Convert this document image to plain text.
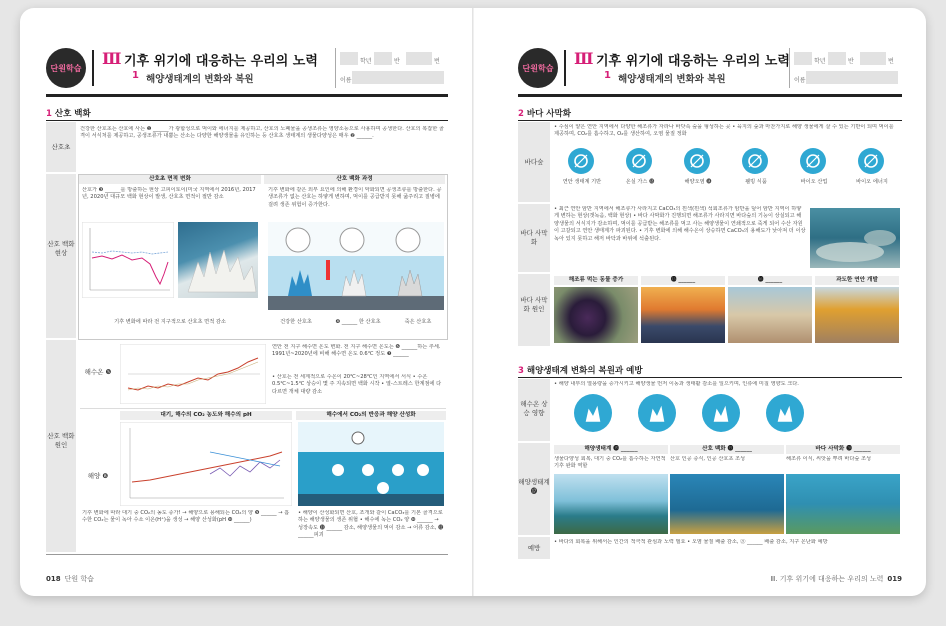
단원학습 Ⅲ 기후 위기에 대응하는 우리의 노력
1 해양생태계의 변화와 복원
학년	반	번
이름
1 산호 백화
산호초
건강한 산호초는 산호에 사는 ❶ ______가 광합성으로 먹이와 에너지를 제공하고, 산호의 노폐물을 공생조류는 영양소등으로 사용하며 공생한다. 산호의 복잡한 골격이 서식처를 제공하고, 공생조류가 내뿜는 산소는 다양한 해양생물을 유인하는 등 산호초 생태계의 생물다양성은 매우 ❷ ______.
산호 백화 현상
산호초 면적 변화	산호 백화 과정
산호가 ❸ ______를 방출하는 현상 고피이토이(미국 지역에서 2016년, 2017년, 2020년 대규모 백화 현상이 발생, 산호초 면적이 절반 감소
기후 변화에 같은 외부 요인에 의해 환경이 악화되면 공생조류를 방출한다. 공생조류가 없는 산호는 하얗게 변하며, 먹이를 공급받지 못해 굶주리고 질병에 걸려 생존 위험이 증가한다.
기후 변화에 따라 전 지구적으로 산호초 면적 감소	건강한 산호초	❹ ______ 한 산호초	죽은 산호초
산호 백화 원인
해수온 ❺
연안 전 지구 해수면 온도 변화. 전 지구 해수면 온도는 ❻ ______하는 추세. 1991년~2020년에 비해 해수면 온도 0.6℃ 정도 ❼ ______
• 산호는 전 세계적으로 수온이 20℃~28℃인 지역에서 서식 • 수온 0.5℃~1.5℃ 상승이 몇 주 지속되면 백화 시작 • 열-스트레스 한계점에 다다르면 개체 대량 감소
대기, 해수의 CO₂ 농도와 해수의 pH	해수에서 CO₂의 반응과 해양 산성화
해양 ❽
기후 변화에 따라 대기 중 CO₂의 농도 증가! → 해양으로 용해되는 CO₂의 양 ❾ ______ → 흡수한 CO₂는 물이 녹아 수소 이온(H⁺)을 생성 → 해양 산성화(pH ❿ ______)
• 해양이 산성화되면 산호, 조개와 같이 CaCO₃를 기본 골격으로 하는 해양생물의 생존 위협 • 해수에 녹는 CO₂ 양 ❿ ______ → 성장속도 ⓫ ______ 감소, 해양생물의 먹이 감소 → 어류 감소, ⓬ ______피괴
018 단원 학습
단원학습 Ⅲ 기후 위기에 대응하는 우리의 노력
1 해양생태계의 변화와 복원
학년	반	번
이름
2 바다 사막화
바다숲
• 수심이 얕은 연안 지역에서 다양한 해조류가 자라나 바닷속 숲을 형성하는 곳 • 육지의 숲과 마찬가지로 해양 생물에게 살 수 있는 기반이 되며 먹이를 제공하며, CO₂를 흡수하고, O₂를 생산하여, 오염 물질 정화
연안 생태계 기반	온실 가스 ⓭	해양오염 ⓮	웰빙 식품	바이오 산업	바이오 에너지
바다 사막화
• 최근 연안 암반 지역에서 해조류가 사라지고 CaCO₃의 흰색(흰색) 석회조류가 암반을 덮어 암반 지역이 하얗게 변하는 현상(갯녹음, 백화 현상) • 바다 사막화가 진행되면 해조류가 사라지면 바다숲의 기능이 상실되고 해양생물의 서식지가 감소하며, 먹이를 공급받는 해조류를 먹고 사는 해양생물이 연쇄적으로 죽게 되어 수산 자원이 고갈되고 연안 생태계가 파괴된다. • 기후 변화에 의해 해수온이 상승하면 CaCO₃의 용해도가 낮아져 더 이상 녹아 있지 못하고 해저 바닥과 바위에 석출된다.
바다 사막화 원인
해조류 먹는 동물 증가	⓯ ______	⓰ ______	과도한 연안 개발
3 해양생태계 변화의 복원과 예방
해수온 상승 영향
• 해양 내부의 열용량을 증가시키고 해양생물 먼저 이동과 생태활 감소를 일으키며, 인류에 미칠 영향도 크다.
해양생태계 ⓱
해양생태계 ⓲ ______
생물다양성 회복, 대기 중 CO₂를 흡수하는 자연적 기후 완화 역할
산호 백화 ⓳ ______
산호 인공 증식, 인공 산호초 조성
바다 사막화 ⓴ ______
해조류 이식, 씨앗을 뿌려 바다숲 조성
예방
• 바다의 회복을 위해서는 인간의 적극적 관심과 노력 필요 • 오염 물질 배출 감소, ㉑ ______ 배출 감소, 지구 온난화 예방
Ⅲ. 기후 위기에 대응하는 우리의 노력 019
